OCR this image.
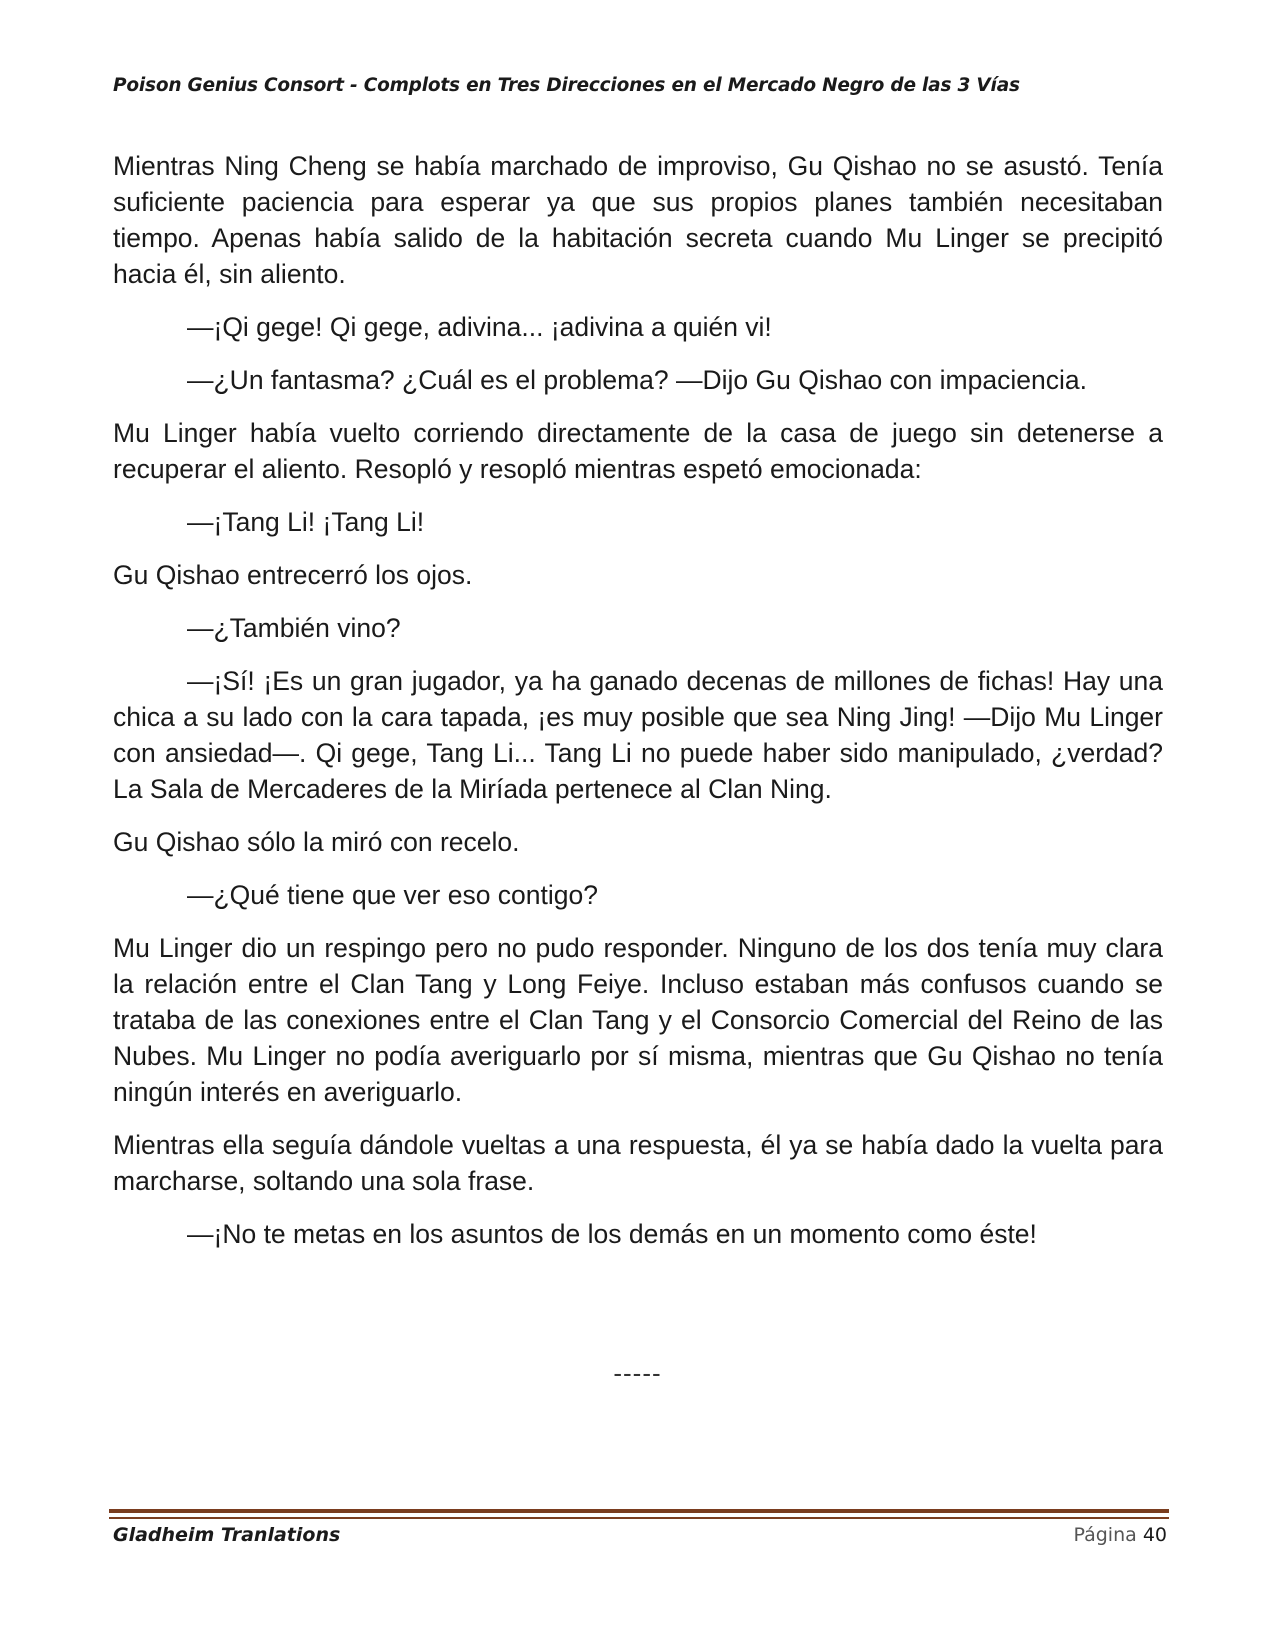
Poison Genius Consort - Complots en Tres Direcciones en el Mercado Negro de las 3 Vías

Mientras Ning Cheng se había marchado de improviso, Gu Qishao no se asustó. Tenía suficiente paciencia para esperar ya que sus propios planes también necesitaban tiempo. Apenas había salido de la habitación secreta cuando Mu Linger se precipitó hacia él, sin aliento.

—¡Qi gege! Qi gege, adivina... ¡adivina a quién vi!

—¿Un fantasma? ¿Cuál es el problema? —Dijo Gu Qishao con impaciencia.

Mu Linger había vuelto corriendo directamente de la casa de juego sin detenerse a recuperar el aliento. Resopló y resopló mientras espetó emocionada:

—¡Tang Li! ¡Tang Li!

Gu Qishao entrecerró los ojos.

—¿También vino?

—¡Sí! ¡Es un gran jugador, ya ha ganado decenas de millones de fichas! Hay una chica a su lado con la cara tapada, ¡es muy posible que sea Ning Jing! —Dijo Mu Linger con ansiedad—. Qi gege, Tang Li... Tang Li no puede haber sido manipulado, ¿verdad? La Sala de Mercaderes de la Miríada pertenece al Clan Ning.

Gu Qishao sólo la miró con recelo.

—¿Qué tiene que ver eso contigo?

Mu Linger dio un respingo pero no pudo responder. Ninguno de los dos tenía muy clara la relación entre el Clan Tang y Long Feiye. Incluso estaban más confusos cuando se trataba de las conexiones entre el Clan Tang y el Consorcio Comercial del Reino de las Nubes. Mu Linger no podía averiguarlo por sí misma, mientras que Gu Qishao no tenía ningún interés en averiguarlo.

Mientras ella seguía dándole vueltas a una respuesta, él ya se había dado la vuelta para marcharse, soltando una sola frase.

—¡No te metas en los asuntos de los demás en un momento como éste!

-----
Gladheim Tranlations	Página 40
